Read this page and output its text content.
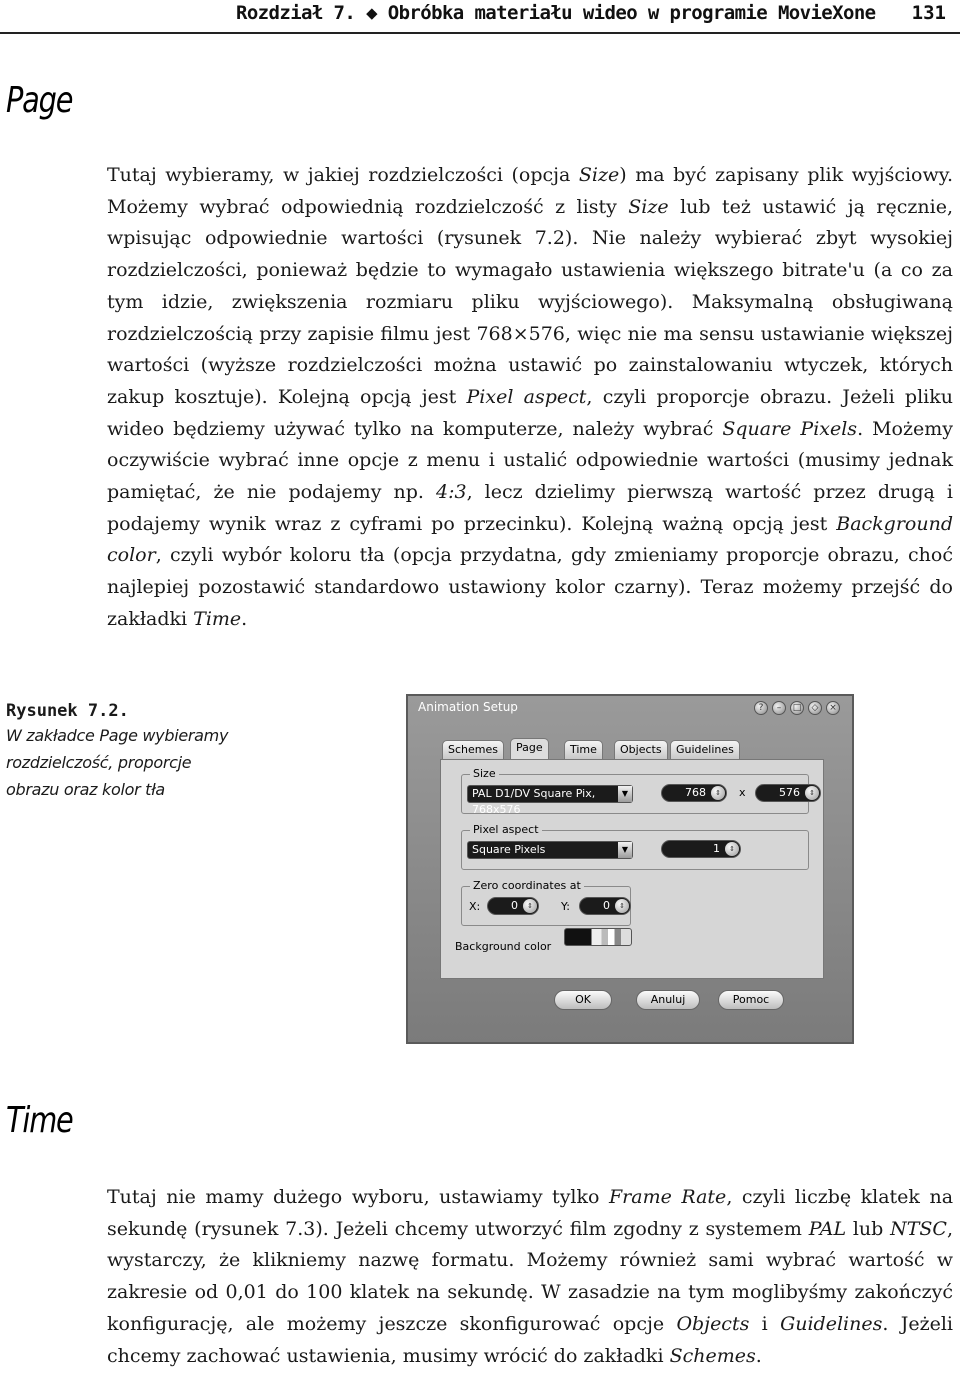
Rozdział 7. ◆ Obróbka materiału wideo w programie MovieXone 131
Page

Tutaj wybieramy, w jakiej rozdzielczości (opcja Size) ma być zapisany plik wyjściowy. Możemy wybrać odpowiednią rozdzielczość z listy Size lub też ustawić ją ręcznie, wpisując odpowiednie wartości (rysunek 7.2). Nie należy wybierać zbyt wysokiej rozdzielczości, ponieważ będzie to wymagało ustawienia większego bitrate'u (a co za tym idzie, zwiększenia rozmiaru pliku wyjściowego). Maksymalną obsługiwaną rozdzielczością przy zapisie filmu jest 768×576, więc nie ma sensu ustawianie większej wartości (wyższe rozdzielczości można ustawić po zainstalowaniu wtyczek, których zakup kosztuje). Kolejną opcją jest Pixel aspect, czyli proporcje obrazu. Jeżeli pliku wideo będziemy używać tylko na komputerze, należy wybrać Square Pixels. Możemy oczywiście wybrać inne opcje z menu i ustalić odpowiednie wartości (musimy jednak pamiętać, że nie podajemy np. 4:3, lecz dzielimy pierwszą wartość przez drugą i podajemy wynik wraz z cyframi po przecinku). Kolejną ważną opcją jest Background color, czyli wybór koloru tła (opcja przydatna, gdy zmieniamy proporcje obrazu, choć najlepiej pozostawić standardowo ustawiony kolor czarny). Teraz możemy przejść do zakładki Time.

Rysunek 7.2.
W zakładce Page wybieramy rozdzielczość, proporcje obrazu oraz kolor tła
Animation Setup	?	–	□	◇	×
Schemes	Page	Time	Objects	Guidelines
Size
PAL D1/DV Square Pix, 768x576
▼	768	⇕	x	576	⇕
Pixel aspect
Square Pixels	▼	1	⇕
Zero coordinates at
X:	0	⇕	Y:	0	⇕
Background color
OK	Anuluj	Pomoc
Time

Tutaj nie mamy dużego wyboru, ustawiamy tylko Frame Rate, czyli liczbę klatek na sekundę (rysunek 7.3). Jeżeli chcemy utworzyć film zgodny z systemem PAL lub NTSC, wystarczy, że klikniemy nazwę formatu. Możemy również sami wybrać wartość w zakresie od 0,01 do 100 klatek na sekundę. W zasadzie na tym moglibyśmy zakończyć konfigurację, ale możemy jeszcze skonfigurować opcje Objects i Guidelines. Jeżeli chcemy zachować ustawienia, musimy wrócić do zakładki Schemes.
